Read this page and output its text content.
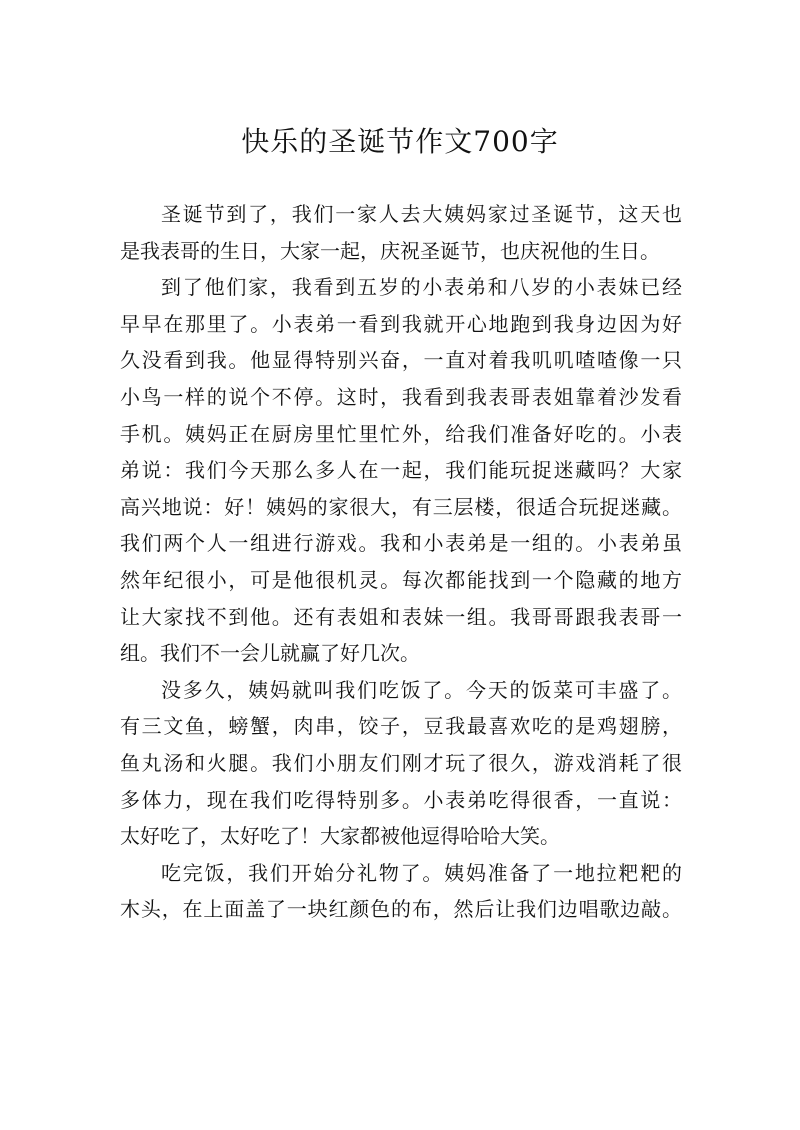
快乐的圣诞节作文700字
圣诞节到了，我们一家人去大姨妈家过圣诞节，这天也
是我表哥的生日，大家一起，庆祝圣诞节，也庆祝他的生日。
到了他们家，我看到五岁的小表弟和八岁的小表妹已经
早早在那里了。小表弟一看到我就开心地跑到我身边因为好
久没看到我。他显得特别兴奋，一直对着我叽叽喳喳像一只
小鸟一样的说个不停。这时，我看到我表哥表姐靠着沙发看
手机。姨妈正在厨房里忙里忙外，给我们准备好吃的。小表
弟说：我们今天那么多人在一起，我们能玩捉迷藏吗？大家
高兴地说：好！姨妈的家很大，有三层楼，很适合玩捉迷藏。
我们两个人一组进行游戏。我和小表弟是一组的。小表弟虽
然年纪很小，可是他很机灵。每次都能找到一个隐藏的地方
让大家找不到他。还有表姐和表妹一组。我哥哥跟我表哥一
组。我们不一会儿就赢了好几次。
没多久，姨妈就叫我们吃饭了。今天的饭菜可丰盛了。
有三文鱼，螃蟹，肉串，饺子，豆我最喜欢吃的是鸡翅膀，
鱼丸汤和火腿。我们小朋友们刚才玩了很久，游戏消耗了很
多体力，现在我们吃得特别多。小表弟吃得很香，一直说：
太好吃了，太好吃了！大家都被他逗得哈哈大笑。
吃完饭，我们开始分礼物了。姨妈准备了一地拉粑粑的
木头，在上面盖了一块红颜色的布，然后让我们边唱歌边敲。
